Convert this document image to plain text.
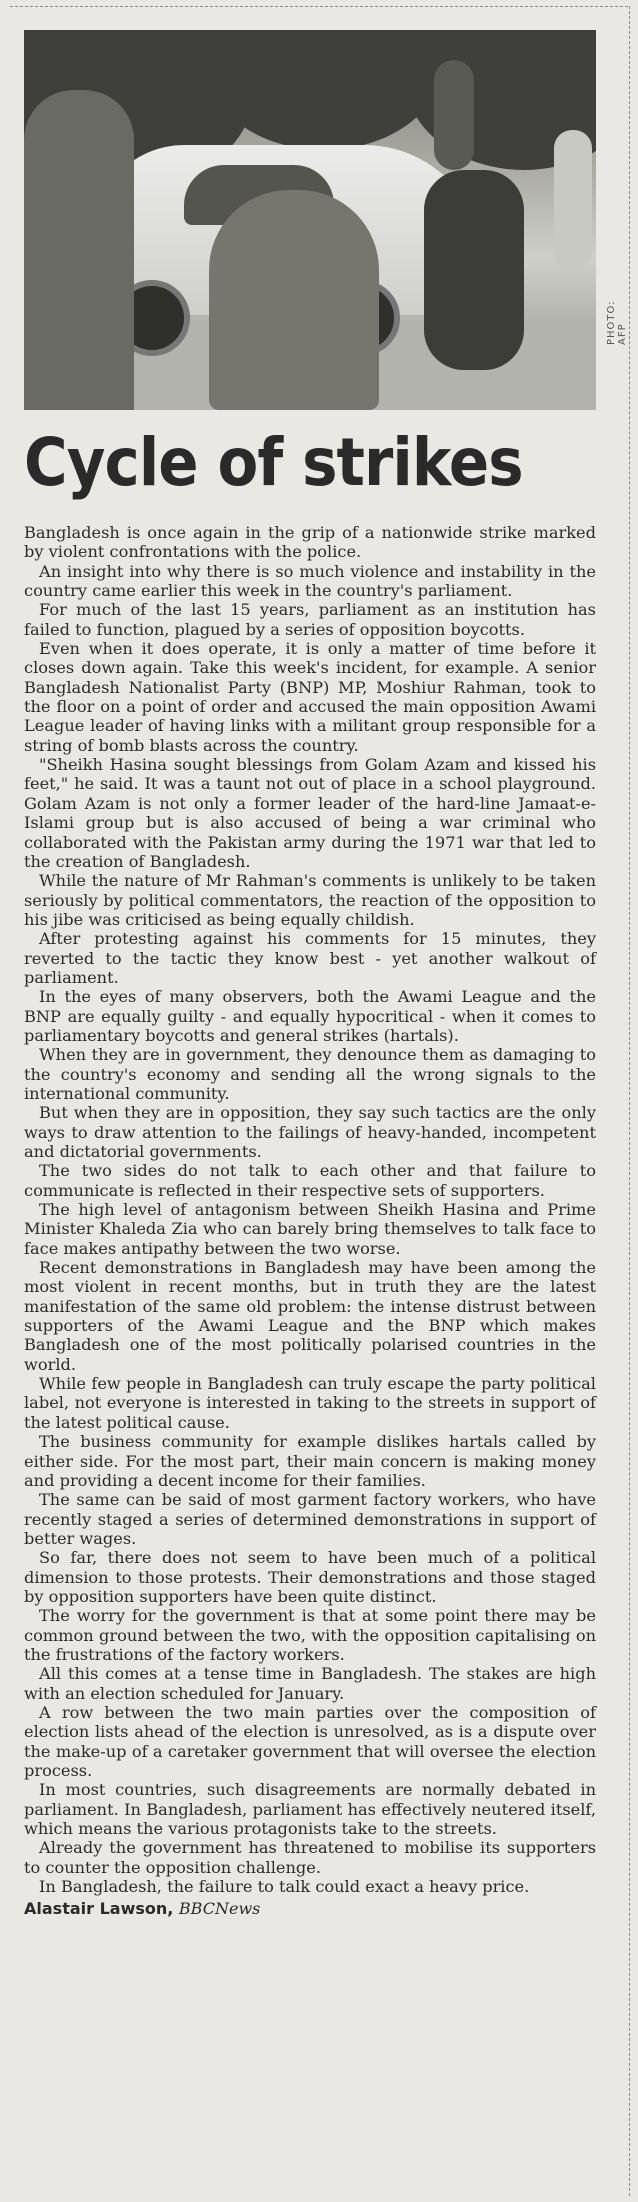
PHOTO: AFP
Cycle of strikes

Bangladesh is once again in the grip of a nationwide strike marked by violent confrontations with the police.

An insight into why there is so much violence and instability in the country came earlier this week in the country's parliament.

For much of the last 15 years, parliament as an institution has failed to function, plagued by a series of opposition boycotts.

Even when it does operate, it is only a matter of time before it closes down again. Take this week's incident, for example. A senior Bangladesh Nationalist Party (BNP) MP, Moshiur Rahman, took to the floor on a point of order and accused the main opposition Awami League leader of having links with a militant group responsible for a string of bomb blasts across the country.

"Sheikh Hasina sought blessings from Golam Azam and kissed his feet," he said. It was a taunt not out of place in a school playground. Golam Azam is not only a former leader of the hard-line Jamaat-e-Islami group but is also accused of being a war criminal who collaborated with the Pakistan army during the 1971 war that led to the creation of Bangladesh.

While the nature of Mr Rahman's comments is unlikely to be taken seriously by political commentators, the reaction of the opposition to his jibe was criticised as being equally childish.

After protesting against his comments for 15 minutes, they reverted to the tactic they know best - yet another walkout of parliament.

In the eyes of many observers, both the Awami League and the BNP are equally guilty - and equally hypocritical - when it comes to parliamentary boycotts and general strikes (hartals).

When they are in government, they denounce them as damaging to the country's economy and sending all the wrong signals to the international community.

But when they are in opposition, they say such tactics are the only ways to draw attention to the failings of heavy-handed, incompetent and dictatorial governments.

The two sides do not talk to each other and that failure to communicate is reflected in their respective sets of supporters.

The high level of antagonism between Sheikh Hasina and Prime Minister Khaleda Zia who can barely bring themselves to talk face to face makes antipathy between the two worse.

Recent demonstrations in Bangladesh may have been among the most violent in recent months, but in truth they are the latest manifestation of the same old problem: the intense distrust between supporters of the Awami League and the BNP which makes Bangladesh one of the most politically polarised countries in the world.

While few people in Bangladesh can truly escape the party political label, not everyone is interested in taking to the streets in support of the latest political cause.

The business community for example dislikes hartals called by either side. For the most part, their main concern is making money and providing a decent income for their families.

The same can be said of most garment factory workers, who have recently staged a series of determined demonstrations in support of better wages.

So far, there does not seem to have been much of a political dimension to those protests. Their demonstrations and those staged by opposition supporters have been quite distinct.

The worry for the government is that at some point there may be common ground between the two, with the opposition capitalising on the frustrations of the factory workers.

All this comes at a tense time in Bangladesh. The stakes are high with an election scheduled for January.

A row between the two main parties over the composition of election lists ahead of the election is unresolved, as is a dispute over the make-up of a caretaker government that will oversee the election process.

In most countries, such disagreements are normally debated in parliament. In Bangladesh, parliament has effectively neutered itself, which means the various protagonists take to the streets.

Already the government has threatened to mobilise its supporters to counter the opposition challenge.

In Bangladesh, the failure to talk could exact a heavy price.

Alastair Lawson, BBCNews
